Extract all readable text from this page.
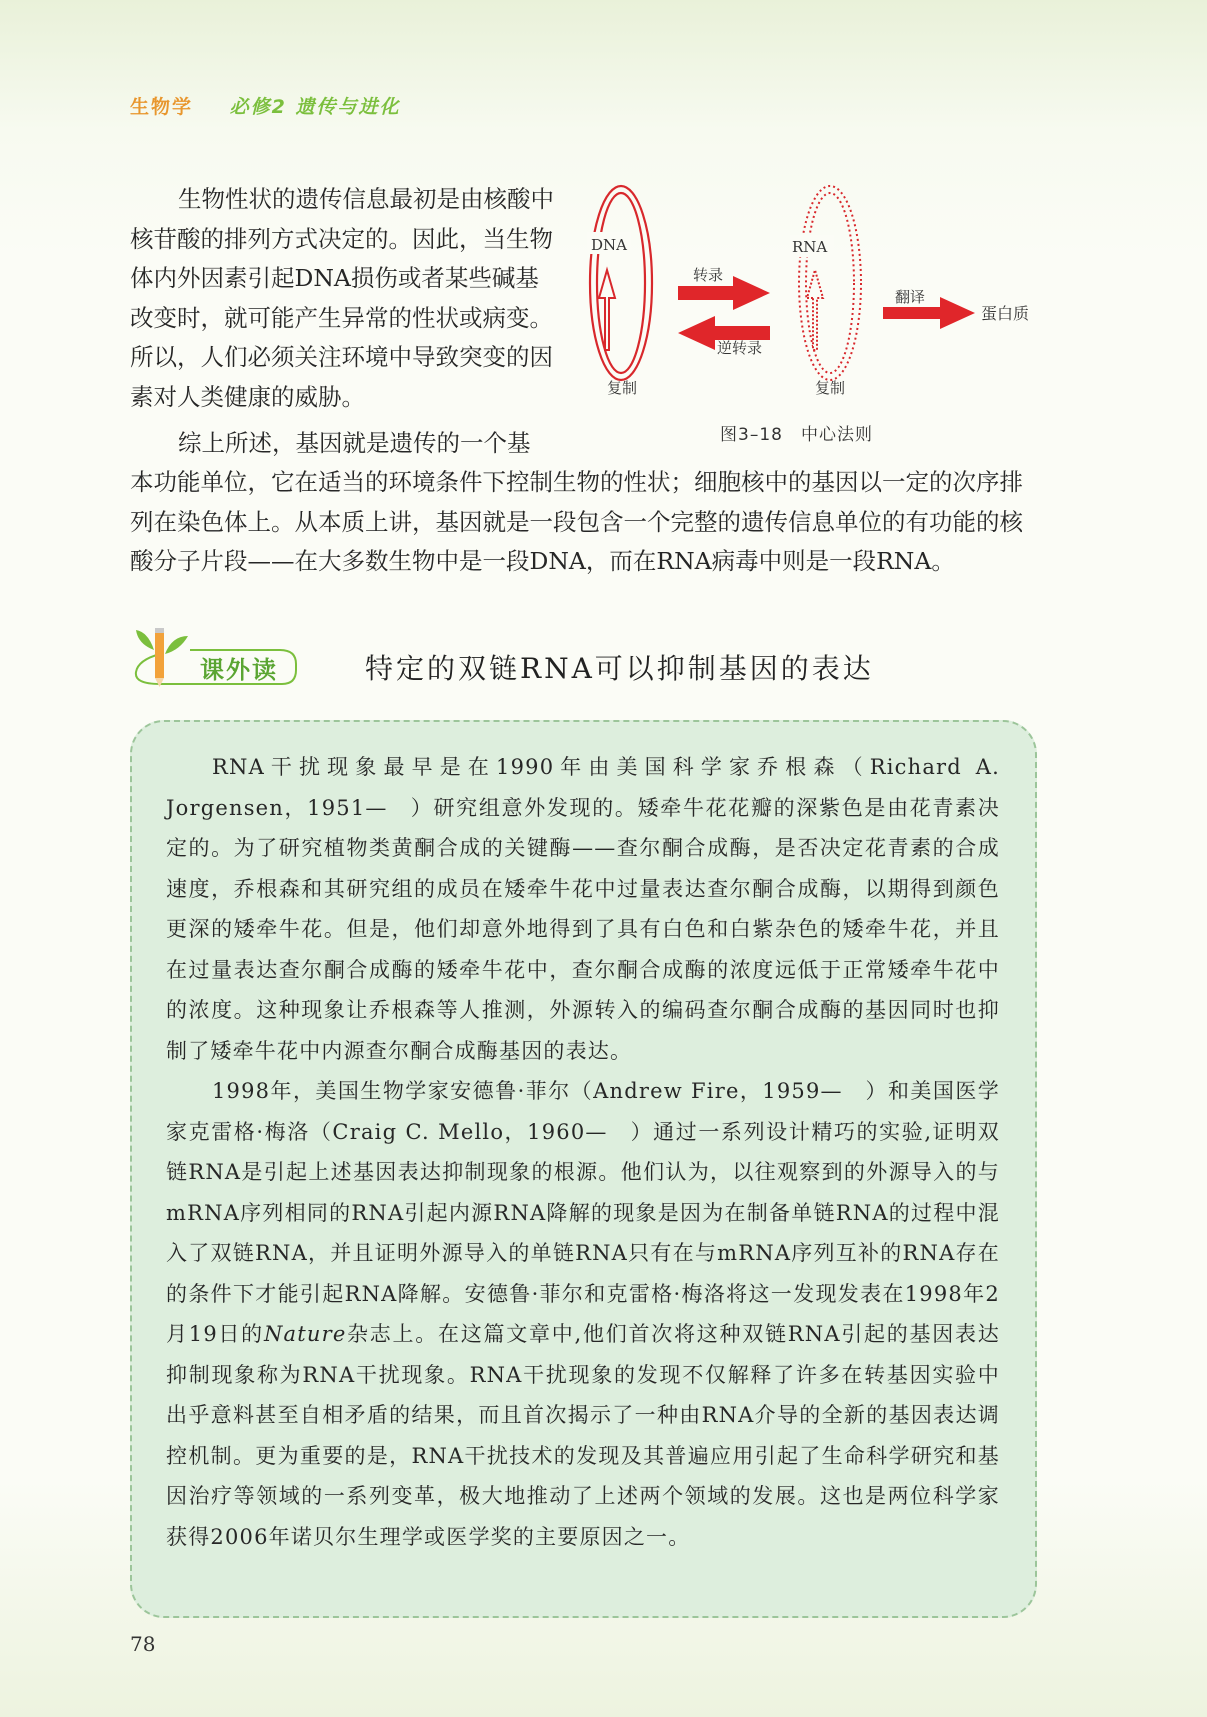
生物学 必修2 遗传与进化

生物性状的遗传信息最初是由核酸中核苷酸的排列方式决定的。因此，当生物体内外因素引起DNA损伤或者某些碱基改变时，就可能产生异常的性状或病变。所以，人们必须关注环境中导致突变的因素对人类健康的威胁。

综上所述，基因就是遗传的一个基

本功能单位，它在适当的环境条件下控制生物的性状；细胞核中的基因以一定的次序排列在染色体上。从本质上讲，基因就是一段包含一个完整的遗传信息单位的有功能的核酸分子片段——在大多数生物中是一段DNA，而在RNA病毒中则是一段RNA。

DNA
复制
转录
逆转录
RNA
复制
翻译
蛋白质
图3–18　中心法则
课外读	特定的双链RNA可以抑制基因的表达

RNA干扰现象最早是在1990年由美国科学家乔根森（Richard A. Jorgensen，1951—　）研究组意外发现的。矮牵牛花花瓣的深紫色是由花青素决定的。为了研究植物类黄酮合成的关键酶——查尔酮合成酶，是否决定花青素的合成速度，乔根森和其研究组的成员在矮牵牛花中过量表达查尔酮合成酶，以期得到颜色更深的矮牵牛花。但是，他们却意外地得到了具有白色和白紫杂色的矮牵牛花，并且在过量表达查尔酮合成酶的矮牵牛花中，查尔酮合成酶的浓度远低于正常矮牵牛花中的浓度。这种现象让乔根森等人推测，外源转入的编码查尔酮合成酶的基因同时也抑制了矮牵牛花中内源查尔酮合成酶基因的表达。

1998年，美国生物学家安德鲁·菲尔（Andrew Fire，1959—　）和美国医学家克雷格·梅洛（Craig C. Mello，1960—　）通过一系列设计精巧的实验,证明双链RNA是引起上述基因表达抑制现象的根源。他们认为，以往观察到的外源导入的与mRNA序列相同的RNA引起内源RNA降解的现象是因为在制备单链RNA的过程中混入了双链RNA，并且证明外源导入的单链RNA只有在与mRNA序列互补的RNA存在的条件下才能引起RNA降解。安德鲁·菲尔和克雷格·梅洛将这一发现发表在1998年2月19日的Nature杂志上。在这篇文章中,他们首次将这种双链RNA引起的基因表达抑制现象称为RNA干扰现象。RNA干扰现象的发现不仅解释了许多在转基因实验中出乎意料甚至自相矛盾的结果，而且首次揭示了一种由RNA介导的全新的基因表达调控机制。更为重要的是，RNA干扰技术的发现及其普遍应用引起了生命科学研究和基因治疗等领域的一系列变革，极大地推动了上述两个领域的发展。这也是两位科学家获得2006年诺贝尔生理学或医学奖的主要原因之一。

78
